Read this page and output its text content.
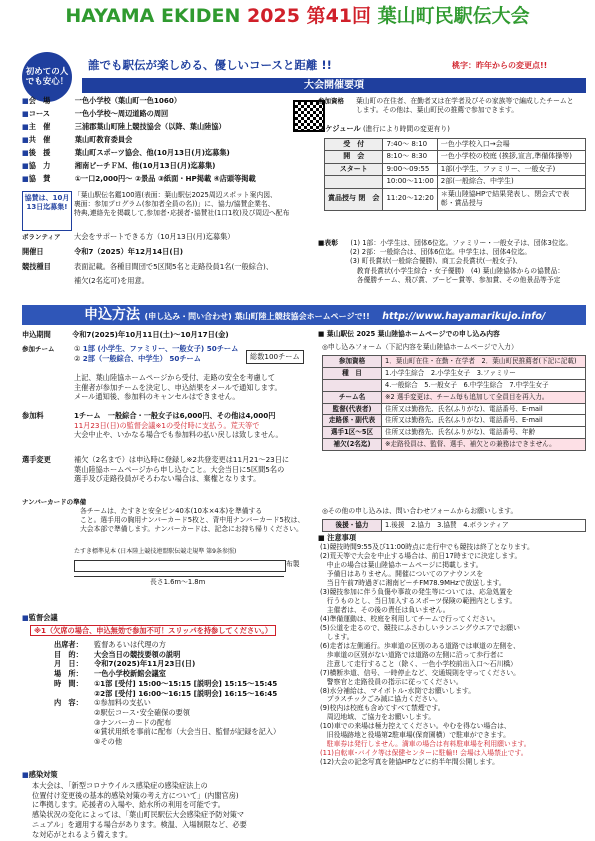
HAYAMA EKIDEN 2025 第41回 葉山町民駅伝大会
初めての人でも安心！
誰でも駅伝が楽しめる、優しいコースと距離 !!	桃字：昨年からの変更点!!
大会開催要項
■会　場	一色小学校（葉山町一色1060）
■コース	一色小学校～周辺道路の周回
■主　催	三浦郡葉山町陸上競技協会（以降、葉山陸協）
■共　催	葉山町教育委員会
■後　援	葉山町スポーツ協会、他(10月13日(月)迄募集)
■協　力	湘南ビーチＦＭ、他(10月13日(月)迄募集)
■協　賛	①一口2,000円～ ②景品 ③紙面・HP掲載 ④店頭等掲載
協賛は、10月13日迄募集!
「葉山駅伝名鑑100選(表面：葉山駅伝2025周辺スポット案内図、
裏面：参加プログラム(参加者全員の名))」に、協力/協賛企業名、
特典,連絡先を掲載して,参加者･応援者･協賛社(1口1枚)及び周辺へ配布
ボランティア 大会をサポートできる方（10月13日(月)迄募集）
開催日	令和7（2025）年12月14日(日)
競技種目	表面記載。各種目間団で5区間5名と走路役員1名(一般綜合)、
補欠(2名迄可)を用意。
参加資格 葉山町の在住者、在勤者又は在学者及びその家族等で編成したチームと
します。その他は、葉山町民の推薦で参加できます。
スケジュール (進行により時間の変更有り)
受　付	7:40～ 8:10	一色小学校入口→会場
開　会	8:10～ 8:30	一色小学校の校庭 (挨拶,宣言,準備体操等)
スタート	9:00～09:55	1部(小学生、ファミリー、一般女子)
	10:00～11:00	2部(一般綜合、中学生)
賞品授与 閉　会	11:20～12:20	＊葉山陸協HPで結果発表し、閉会式で表彰・賞品授与
■表彰 (1) 1部：小学生は、団体6位迄。ファミリー・一般女子は、団体3位迄。
(2) 2部：一般綜合は、団体6位迄。中学生は、団体4位迄。
(3) 町長賞状(一般綜合優勝)、商工会長賞状(一般女子)、
　教育長賞状(小学生綜合・女子優勝)　(4) 葉山陸協体からの協賛品：
　各優勝チーム、飛び賞、ブービー賞等、参加賞、その他景品等予定
申込方法 (申し込み・問い合わせ) 葉山町陸上競技協会ホームページで!! http://www.hayamarikujo.info/
申込期間	令和7(2025)年10月11日(土)～10月17日(金)
参加チーム	① 1部 (小学生、ファミリー、一般女子) 50チーム
② 2部（一般綜合、中学生） 50チーム	総数100チーム
上記、葉山陸協ホームページから受付、走路の安全を考慮して
主催者が参加チームを決定し、申込結果をメールで通知します。
メール通知後、参加料のキャンセルはできません。
参加料	1チーム　一般綜合・一般女子は6,000円、その他は4,000円
11月23日(日)の監督会議※1の受付時に支払う。荒天等で
大会中止や、いかなる場合でも参加料の払い戻しは致しません。
選手変更	補欠（2名まで）は申込時に登録し※2共登変更は11月21～23日に
葉山陸協ホームページから申し込むこと。大会当日に5区間5名の
選手及び走路役員がそろわない場合は、棄権となります。
ナンバーカードの準備
各チームは、たすきと安全ピン40本(10本×4本)を準備する
こと。選手用の胸用ナンバーカード5枚と、背中用ナンバーカード5枚は、
大会本部で準備します。ナンバーカードは、記念にお持ち帰りください。
たすき標準見本 (日本陸上競技連盟駅伝競走規準 第9条参照)
長さ1.6m～1.8m
布製
■監督会議
※1（欠席の場合、申込無効で参加不可！スリッパを持参してください。）
出席者： 監督あるいは代理の方
目　的： 大会当日の競技要領の説明
月　日： 令和7(2025)年11月23日(日)
場　所： 一色小学校新館会議室
時　間： ①1部 [受付] 15:00～15:15 [説明会] 15:15～15:45
②2部 [受付] 16:00～16:15 [説明会] 16:15～16:45
内　容： ①参加料の支払い
②駅伝コース･安全確保の要領
③ナンバーカードの配布
④賞状用紙を事前に配布（大会当日、監督が記録を記入）
⑤その他
■感染対策
本大会は、「新型コロナウイルス感染症の感染症法上の
位置付け変更後の基本的感染対策の考え方について」(内閣官房)
に準拠します。応援者の入場や、給水所の利用を可能です。
感染状況の変化によっては、「葉山町民駅伝大会感染症予防対策マ
ニュアル」を適用する場合があります。検温、入場制限など、必要
な対応がとれるよう備えます。
■ 葉山駅伝 2025 葉山陸協ホームページでの申し込み内容
◎申し込みフォーム（下記内容を葉山陸協ホームページで入力）
参加資格	1．葉山町在住・在勤・在学者　2．葉山町民推薦者(下記に記載)
種　目	1.小学生綜合　2.小学生女子　3.ファミリー
	4.一般綜合　5.一般女子　6.中学生綜合　7.中学生女子
チーム名	※2 選手変更は、チーム毎も追加して全員目を再入力。
監督(代表者)	住所又は勤務先、氏名(ふりがな)、電話番号、E-mail
走路係・副代表	住所又は勤務先、氏名(ふりがな)、電話番号、E-mail
選手1区～5区	住所又は勤務先、氏名(ふりがな)、電話番号、年齢
補欠(2名迄)	※走路役員は、監督、選手、補欠との兼務はできません。
◎その他の申し込みは、問い合わせフォームからお願いします。
後援・協力	1.後援　2.協力　3.協賛　4.ボランティア
■ 注意事項
(1)競技時間9:55及び11:00時点に走行中でも競技は終了となります。
(2)荒天等で大会を中止する場合は、前日17時までに決定します。
　中止の場合は葉山陸協ホームページに掲載します。
　予備日はありません。開催についてのアナウンスを
　当日午前7時過ぎに湘南ビーチFM78.9MHzで放送します。
(3)競技参加に伴う負傷や事故の発生等については、応急処置を
　行うものとし、当日加入するスポーツ保険の範囲内とします。
　主催者は、その後の責任は負いません。
(4)準備運動は、校庭を利用してチームで行ってください。
(5)公道を走るので、競技にふさわしいランニングウエアでお願い
　します。
(6)走者は左側通行。歩車道の区別のある道路では車道の左側を、
　歩車道の区別がない道路では道路の左側に沿って歩行者に
　注意して走行すること（除く、一色小学校前出入口～石川橋）
(7)横断歩道、信号、一時停止など、交通規則を守ってください。
　警察官と走路役員の指示に従ってください。
(8)水分補給は、マイボトル･水筒でお願いします。
　プラスチックごみ減に協力ください。
(9)校内は校庭も含めてすべて禁煙です。
　周辺地域、ご協力をお願いします。
(10)車での来場は極力控えてください。やむを得ない場合は、
　旧役場跡地と役場第2駐車場(保育園横）で駐車ができます。
　駐車券は発行しません。満車の場合は有料駐車場を利用願います。
(11)自転車･バイク等は保健センターに駐輪!! 会場は入場禁止です。
(12)大会の記念写真を陸協HPなどに約半年間公開します。
